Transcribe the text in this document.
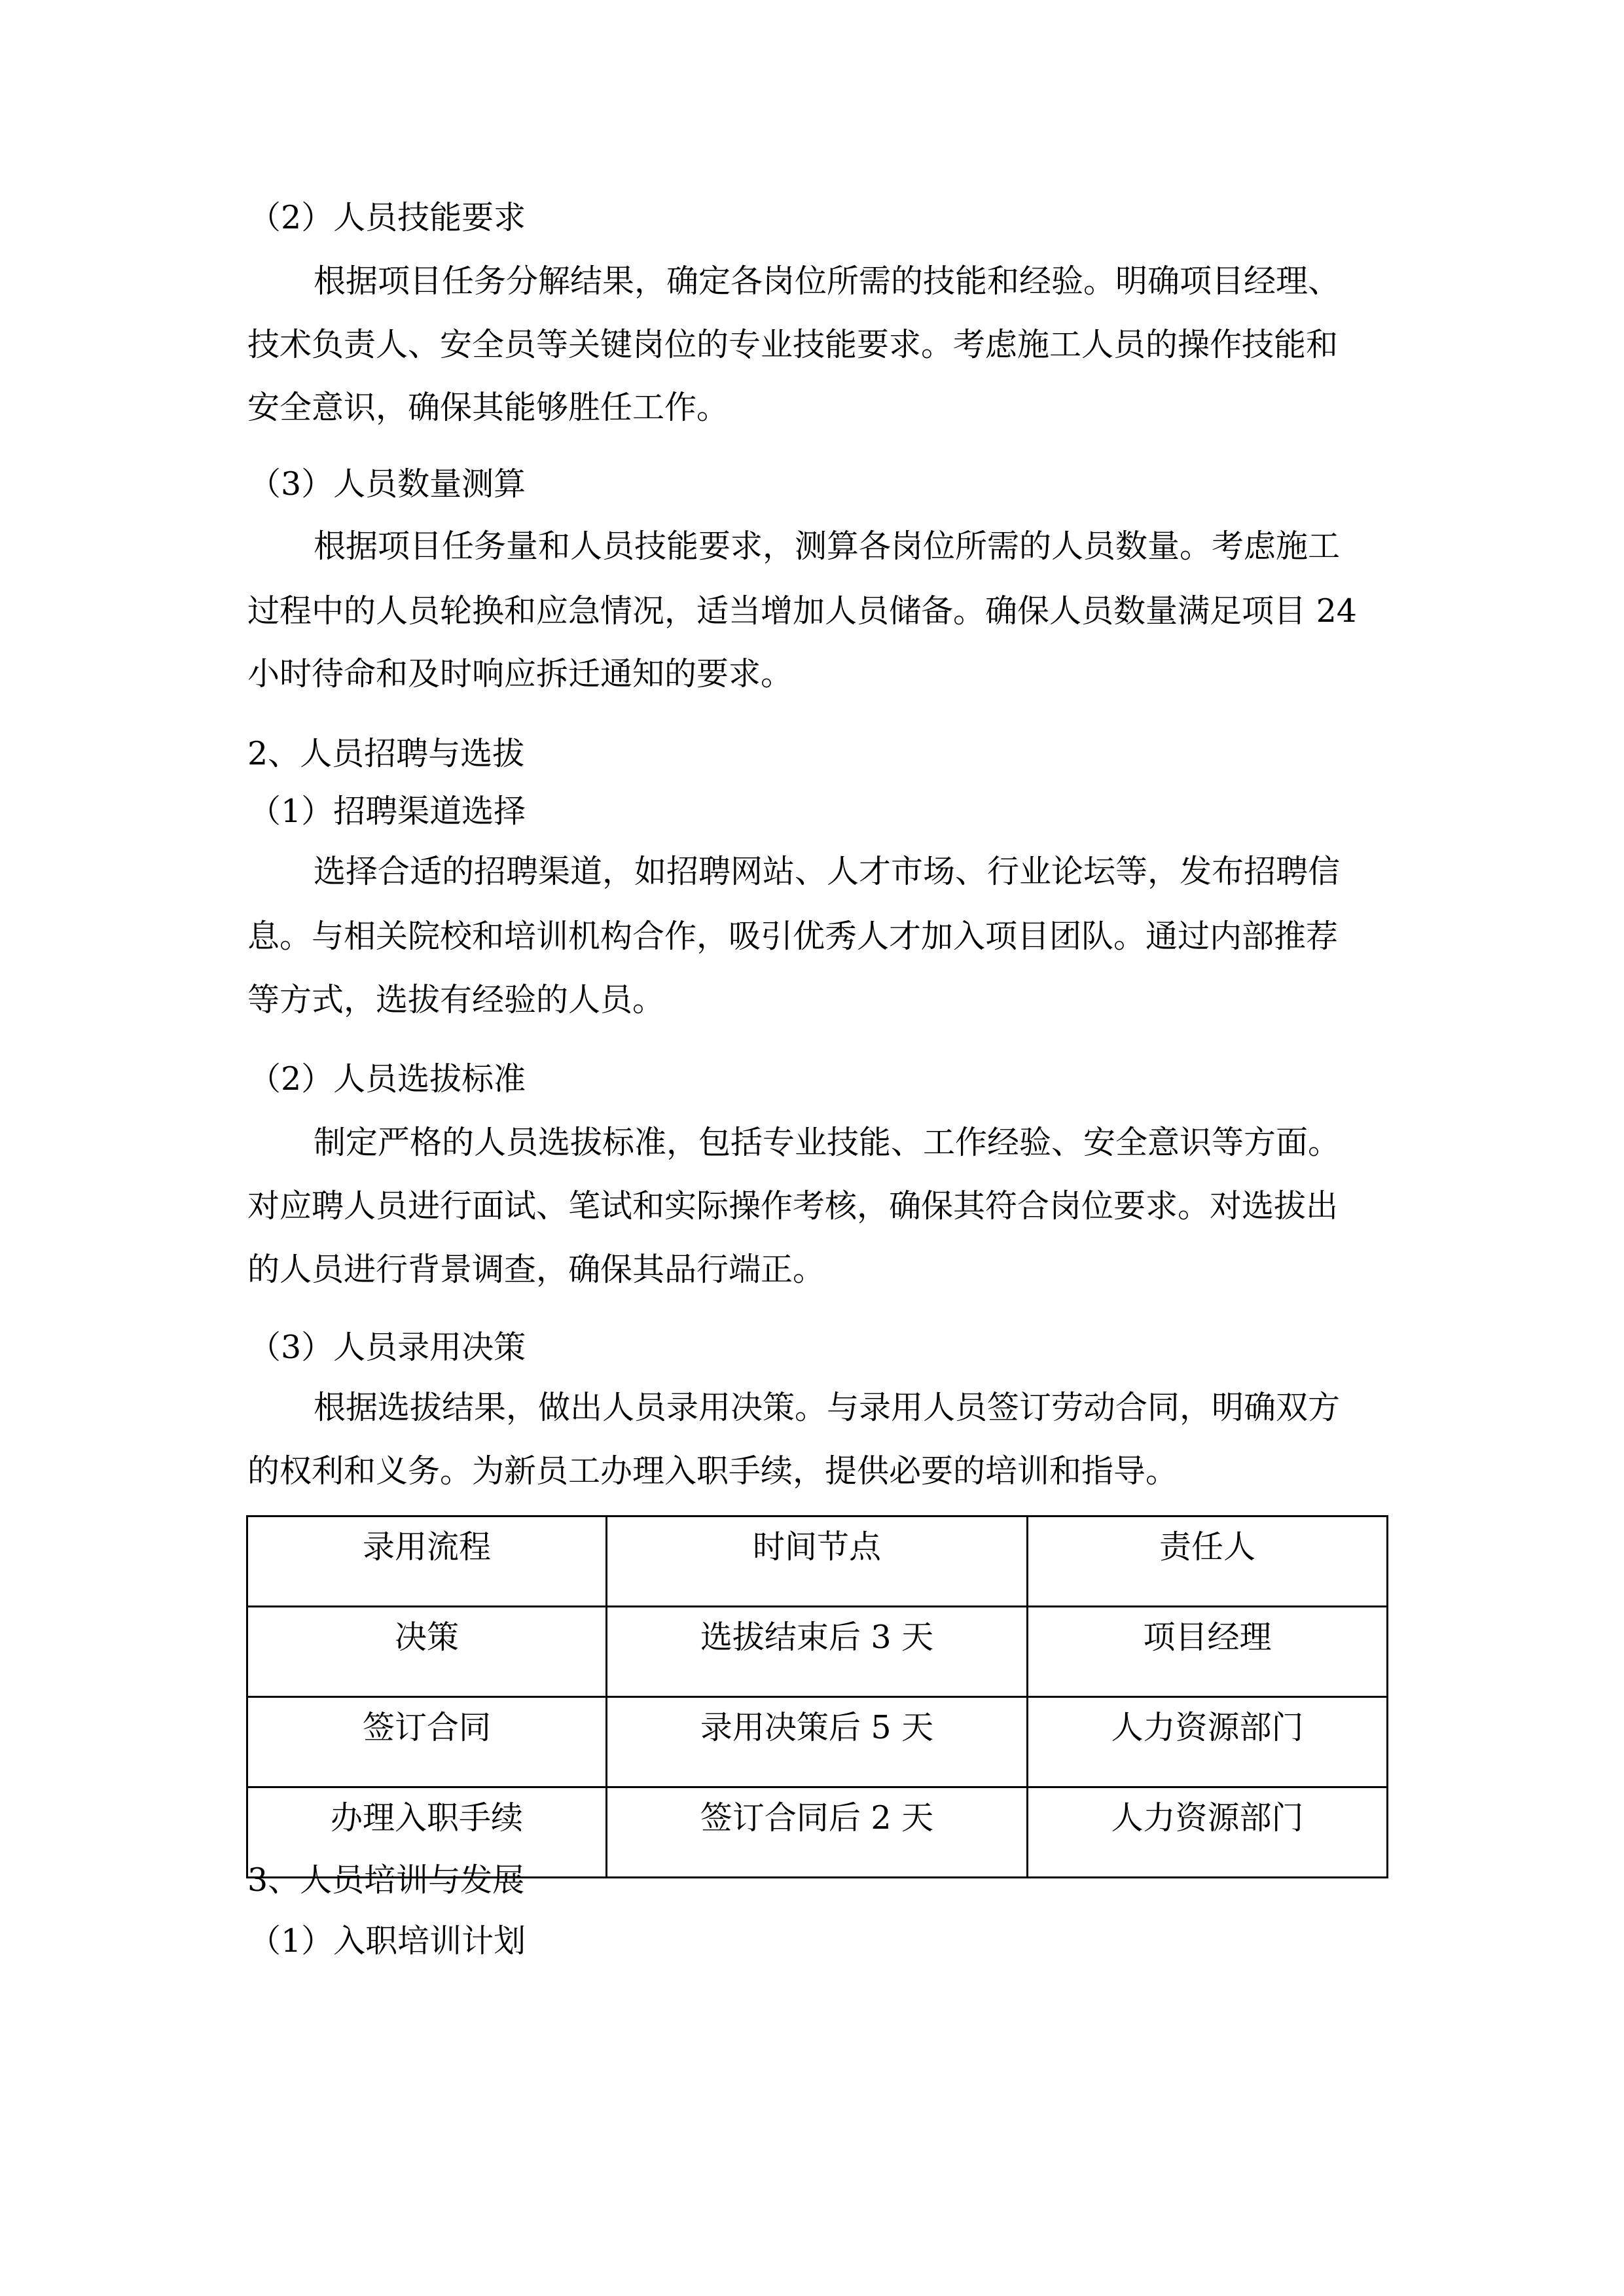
（2）人员技能要求
根据项目任务分解结果，确定各岗位所需的技能和经验。明确项目经理、
技术负责人、安全员等关键岗位的专业技能要求。考虑施工人员的操作技能和
安全意识，确保其能够胜任工作。
（3）人员数量测算
根据项目任务量和人员技能要求，测算各岗位所需的人员数量。考虑施工
过程中的人员轮换和应急情况，适当增加人员储备。确保人员数量满足项目 24
小时待命和及时响应拆迁通知的要求。
2、人员招聘与选拔
（1）招聘渠道选择
选择合适的招聘渠道，如招聘网站、人才市场、行业论坛等，发布招聘信
息。与相关院校和培训机构合作，吸引优秀人才加入项目团队。通过内部推荐
等方式，选拔有经验的人员。
（2）人员选拔标准
制定严格的人员选拔标准，包括专业技能、工作经验、安全意识等方面。
对应聘人员进行面试、笔试和实际操作考核，确保其符合岗位要求。对选拔出
的人员进行背景调查，确保其品行端正。
（3）人员录用决策
根据选拔结果，做出人员录用决策。与录用人员签订劳动合同，明确双方
的权利和义务。为新员工办理入职手续，提供必要的培训和指导。
录用流程	时间节点	责任人
决策	选拔结束后 3 天	项目经理
签订合同	录用决策后 5 天	人力资源部门
办理入职手续	签订合同后 2 天	人力资源部门
3、人员培训与发展
（1）入职培训计划
